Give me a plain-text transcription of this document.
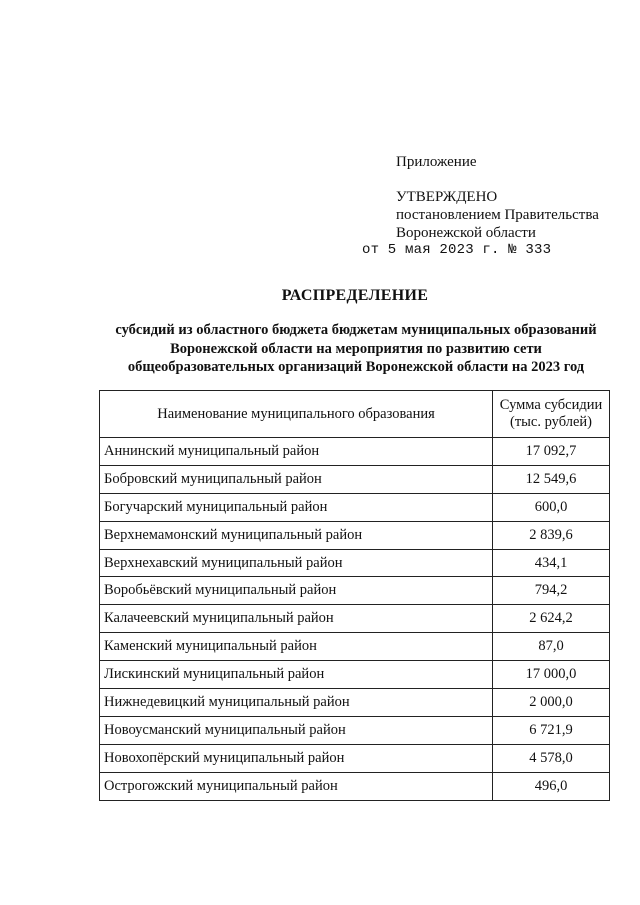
Приложение
УТВЕРЖДЕНО
постановлением Правительства
Воронежской области
от 5 мая 2023 г. № 333
РАСПРЕДЕЛЕНИЕ
субсидий из областного бюджета бюджетам муниципальных образований
Воронежской области на мероприятия по развитию сети
общеобразовательных организаций Воронежской области на 2023 год
Наименование муниципального образования	Сумма субсидии
(тыс. рублей)

Аннинский муниципальный район	17 092,7
Бобровский муниципальный район	12 549,6
Богучарский муниципальный район	600,0
Верхнемамонский муниципальный район	2 839,6
Верхнехавский муниципальный район	434,1
Воробьёвский муниципальный район	794,2
Калачеевский муниципальный район	2 624,2
Каменский муниципальный район	87,0
Лискинский муниципальный район	17 000,0
Нижнедевицкий муниципальный район	2 000,0
Новоусманский муниципальный район	6 721,9
Новохопёрский муниципальный район	4 578,0
Острогожский муниципальный район	496,0
